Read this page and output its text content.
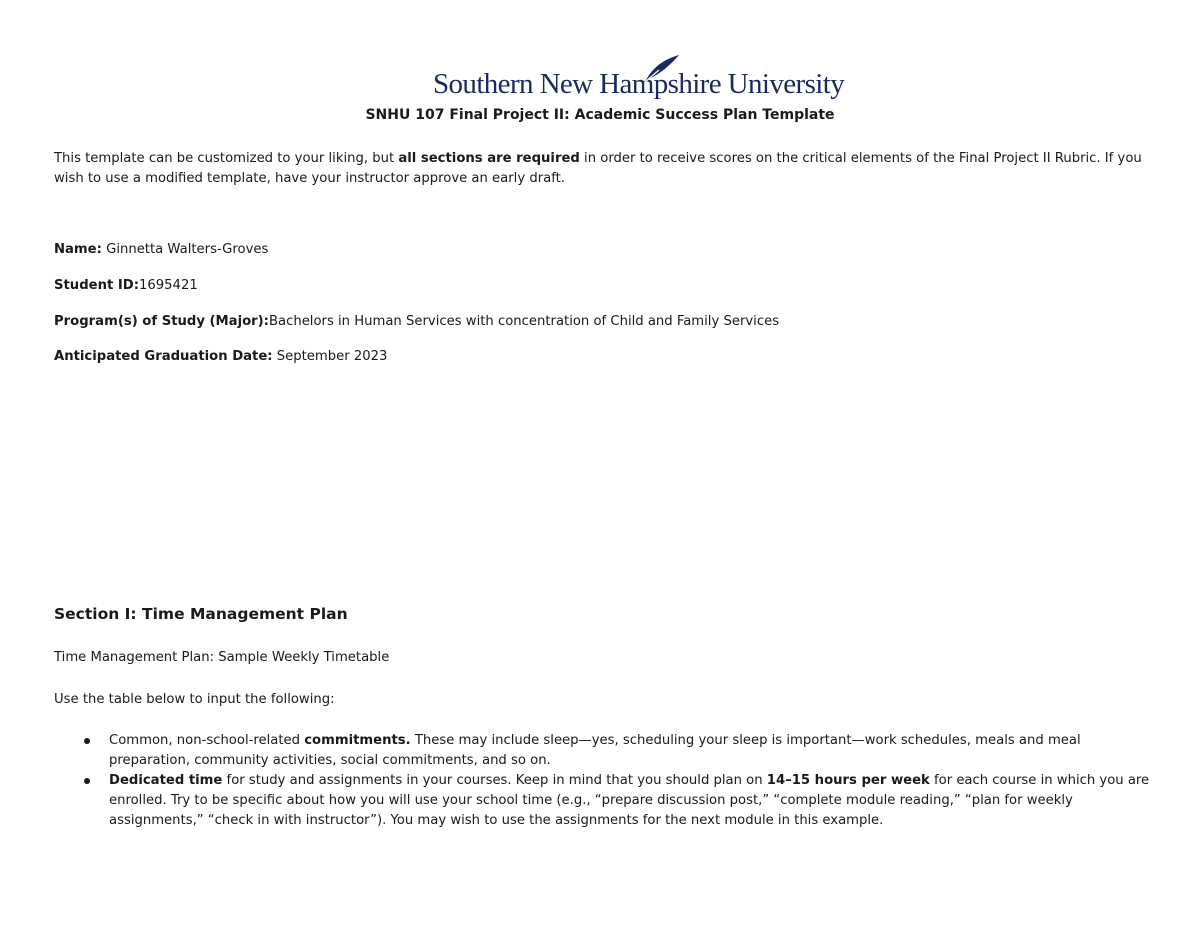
Southern New Hampshire University
SNHU 107 Final Project II: Academic Success Plan Template
This template can be customized to your liking, but all sections are required in order to receive scores on the critical elements of the Final Project II Rubric. If you wish to use a modified template, have your instructor approve an early draft.
Name: Ginnetta Walters-Groves
Student ID:1695421
Program(s) of Study (Major):Bachelors in Human Services with concentration of Child and Family Services
Anticipated Graduation Date: September 2023
Section I: Time Management Plan
Time Management Plan: Sample Weekly Timetable
Use the table below to input the following:
Common, non-school-related commitments. These may include sleep—yes, scheduling your sleep is important—work schedules, meals and meal preparation, community activities, social commitments, and so on.
Dedicated time for study and assignments in your courses. Keep in mind that you should plan on 14–15 hours per week for each course in which you are enrolled. Try to be specific about how you will use your school time (e.g., “prepare discussion post,” “complete module reading,” “plan for weekly assignments,” “check in with instructor”). You may wish to use the assignments for the next module in this example.
